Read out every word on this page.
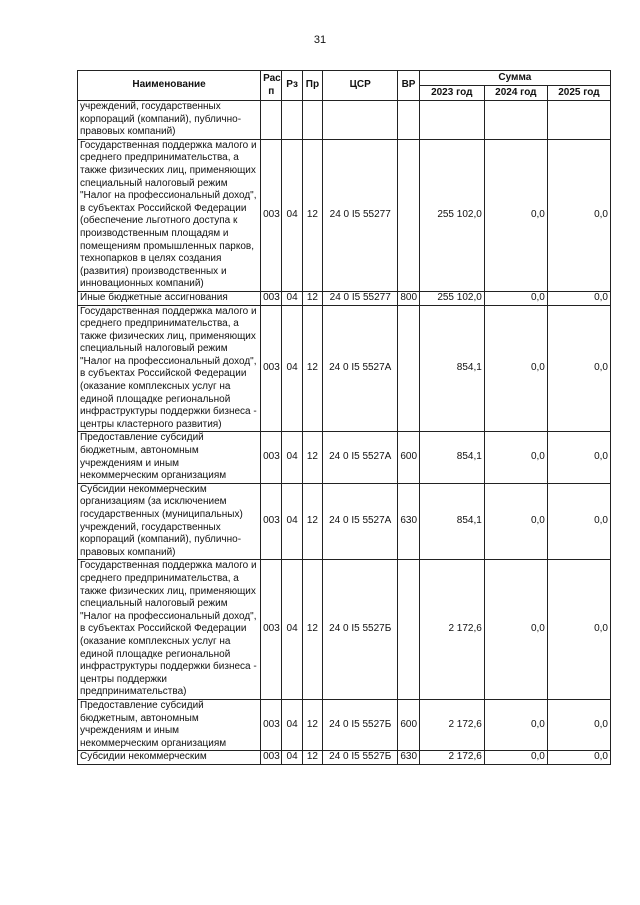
31
Наименование	Рас п	Рз	Пр	ЦСР	ВР	Сумма		
						2023 год	2024 год	2025 год
учреждений, государственных корпораций (компаний), публично-правовых компаний)								
Государственная поддержка малого и среднего предпринимательства, а также физических лиц, применяющих специальный налоговый режим "Налог на профессиональный доход", в субъектах Российской Федерации (обеспечение льготного доступа к производственным площадям и помещениям промышленных парков, технопарков в целях создания (развития) производственных и инновационных компаний)	003	04	12	24 0 I5 55277		255 102,0	0,0	0,0
Иные бюджетные ассигнования	003	04	12	24 0 I5 55277	800	255 102,0	0,0	0,0
Государственная поддержка малого и среднего предпринимательства, а также физических лиц, применяющих специальный налоговый режим "Налог на профессиональный доход", в субъектах Российской Федерации (оказание комплексных услуг на единой площадке региональной инфраструктуры поддержки бизнеса - центры кластерного развития)	003	04	12	24 0 I5 5527А		854,1	0,0	0,0
Предоставление субсидий бюджетным, автономным учреждениям и иным некоммерческим организациям	003	04	12	24 0 I5 5527А	600	854,1	0,0	0,0
Субсидии некоммерческим организациям (за исключением государственных (муниципальных) учреждений, государственных корпораций (компаний), публично-правовых компаний)	003	04	12	24 0 I5 5527А	630	854,1	0,0	0,0
Государственная поддержка малого и среднего предпринимательства, а также физических лиц, применяющих специальный налоговый режим "Налог на профессиональный доход", в субъектах Российской Федерации (оказание комплексных услуг на единой площадке региональной инфраструктуры поддержки бизнеса - центры поддержки предпринимательства)	003	04	12	24 0 I5 5527Б		2 172,6	0,0	0,0
Предоставление субсидий бюджетным, автономным учреждениям и иным некоммерческим организациям	003	04	12	24 0 I5 5527Б	600	2 172,6	0,0	0,0
Субсидии некоммерческим	003	04	12	24 0 I5 5527Б	630	2 172,6	0,0	0,0
